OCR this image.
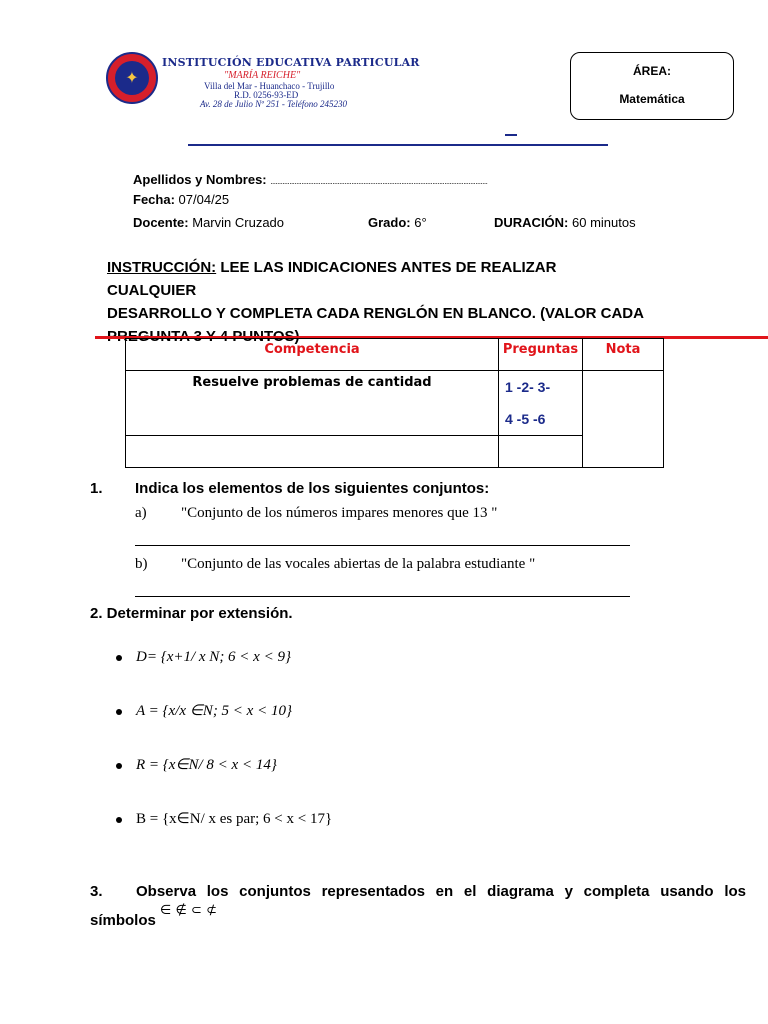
✦
INSTITUCIÓN EDUCATIVA PARTICULAR
"MARÍA REICHE"
Villa del Mar - Huanchaco - Trujillo
R.D. 0256-93-ED
Av. 28 de Julio Nº 251 - Teléfono 245230
ÁREA:
Matemática
Apellidos y Nombres: ..............................................................................................................................
Fecha: 07/04/25
Docente: Marvin Cruzado	Grado: 6°	DURACIÓN: 60 minutos
INSTRUCCIÓN: LEE LAS INDICACIONES ANTES DE REALIZAR CUALQUIER
DESARROLLO Y COMPLETA CADA RENGLÓN EN BLANCO. (VALOR CADA
Competencia	Preguntas	Nota

Resuelve problemas de cantidad	1 -2- 3-
4 -5 -6	

1. Indica los elementos de los siguientes conjuntos:
a) "Conjunto de los números impares menores que 13 "
b) "Conjunto de las vocales abiertas de la palabra estudiante "
2. Determinar por extensión.
D= {x+1/ x N; 6 < x < 9}
A = {x/x ∈N; 5 < x < 10}
R = {x∈N/ 8 < x < 14}
B = {x∈N/ x es par; 6 < x < 17}
3. Observa los conjuntos representados en el diagrama y completa usando los
símbolos
∈ ∉ ⊂ ⊄
